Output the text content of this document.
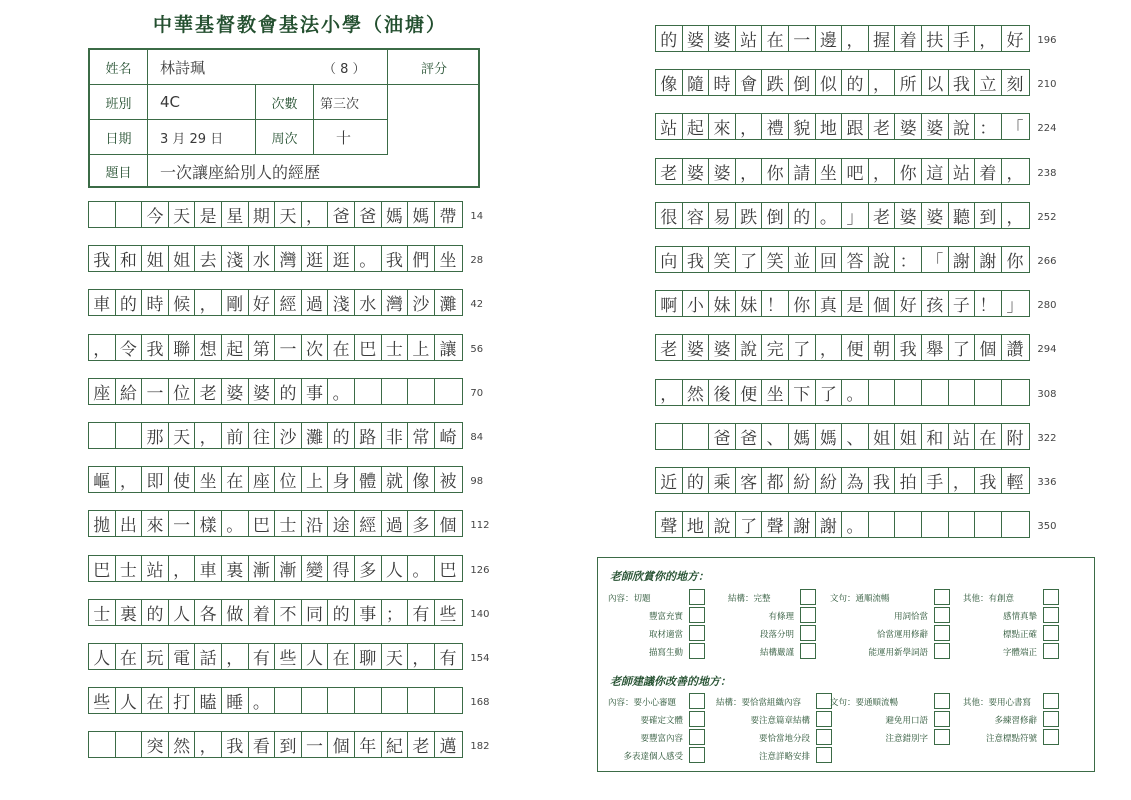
中華基督教會基法小學（油塘）
姓名	林詩珮	（ 8 ）	評分
班別	4C	次數	第三次
日期	3 月 29 日	周次	十
題目	一次讓座給別人的經歷
今 天 是 星 期 天 ， 爸 爸 媽 媽 帶	14
我 和 姐 姐 去 淺 水 灣 逛 逛 。 我 們 坐	28
車 的 時 候 ， 剛 好 經 過 淺 水 灣 沙 灘	42
， 令 我 聯 想 起 第 一 次 在 巴 士 上 讓	56
座 給 一 位 老 婆 婆 的 事 。	70
那 天 ， 前 往 沙 灘 的 路 非 常 崎	84
嶇 ， 即 使 坐 在 座 位 上 身 體 就 像 被	98
拋 出 來 一 樣 。 巴 士 沿 途 經 過 多 個	112
巴 士 站 ， 車 裏 漸 漸 變 得 多 人 。 巴	126
士 裏 的 人 各 做 着 不 同 的 事 ； 有 些	140
人 在 玩 電 話 ， 有 些 人 在 聊 天 ， 有	154
些 人 在 打 瞌 睡 。	168
突 然 ， 我 看 到 一 個 年 紀 老 邁	182
的 婆 婆 站 在 一 邊 ， 握 着 扶 手 ， 好	196
像 隨 時 會 跌 倒 似 的 ， 所 以 我 立 刻	210
站 起 來 ， 禮 貌 地 跟 老 婆 婆 說 ： 「	224
老 婆 婆 ， 你 請 坐 吧 ， 你 這 站 着 ，	238
很 容 易 跌 倒 的 。 」 老 婆 婆 聽 到 ，	252
向 我 笑 了 笑 並 回 答 說 ： 「 謝 謝 你	266
啊 小 妹 妹 ！ 你 真 是 個 好 孩 子 ！ 」	280
老 婆 婆 說 完 了 ， 便 朝 我 舉 了 個 讚	294
， 然 後 便 坐 下 了 。	308
爸 爸 、 媽 媽 、 姐 姐 和 站 在 附	322
近 的 乘 客 都 紛 紛 為 我 拍 手 ， 我 輕	336
聲 地 說 了 聲 謝 謝 。	350
老師欣賞你的地方：
內容：切題
豐富充實
取材適當
描寫生動
結構：完整
有條理
段落分明
結構嚴謹
文句：通順流暢
用詞恰當
恰當運用修辭
能運用新學詞語
其他：有創意
感情真摯
標點正確
字體端正
老師建議你改善的地方：
內容：要小心審題
要確定文體
要豐富內容
多表達個人感受
結構：要恰當組織內容
要注意篇章結構
要恰當地分段
注意詳略安排
文句：要通順流暢
避免用口語
注意錯別字
其他：要用心書寫
多練習修辭
注意標點符號
